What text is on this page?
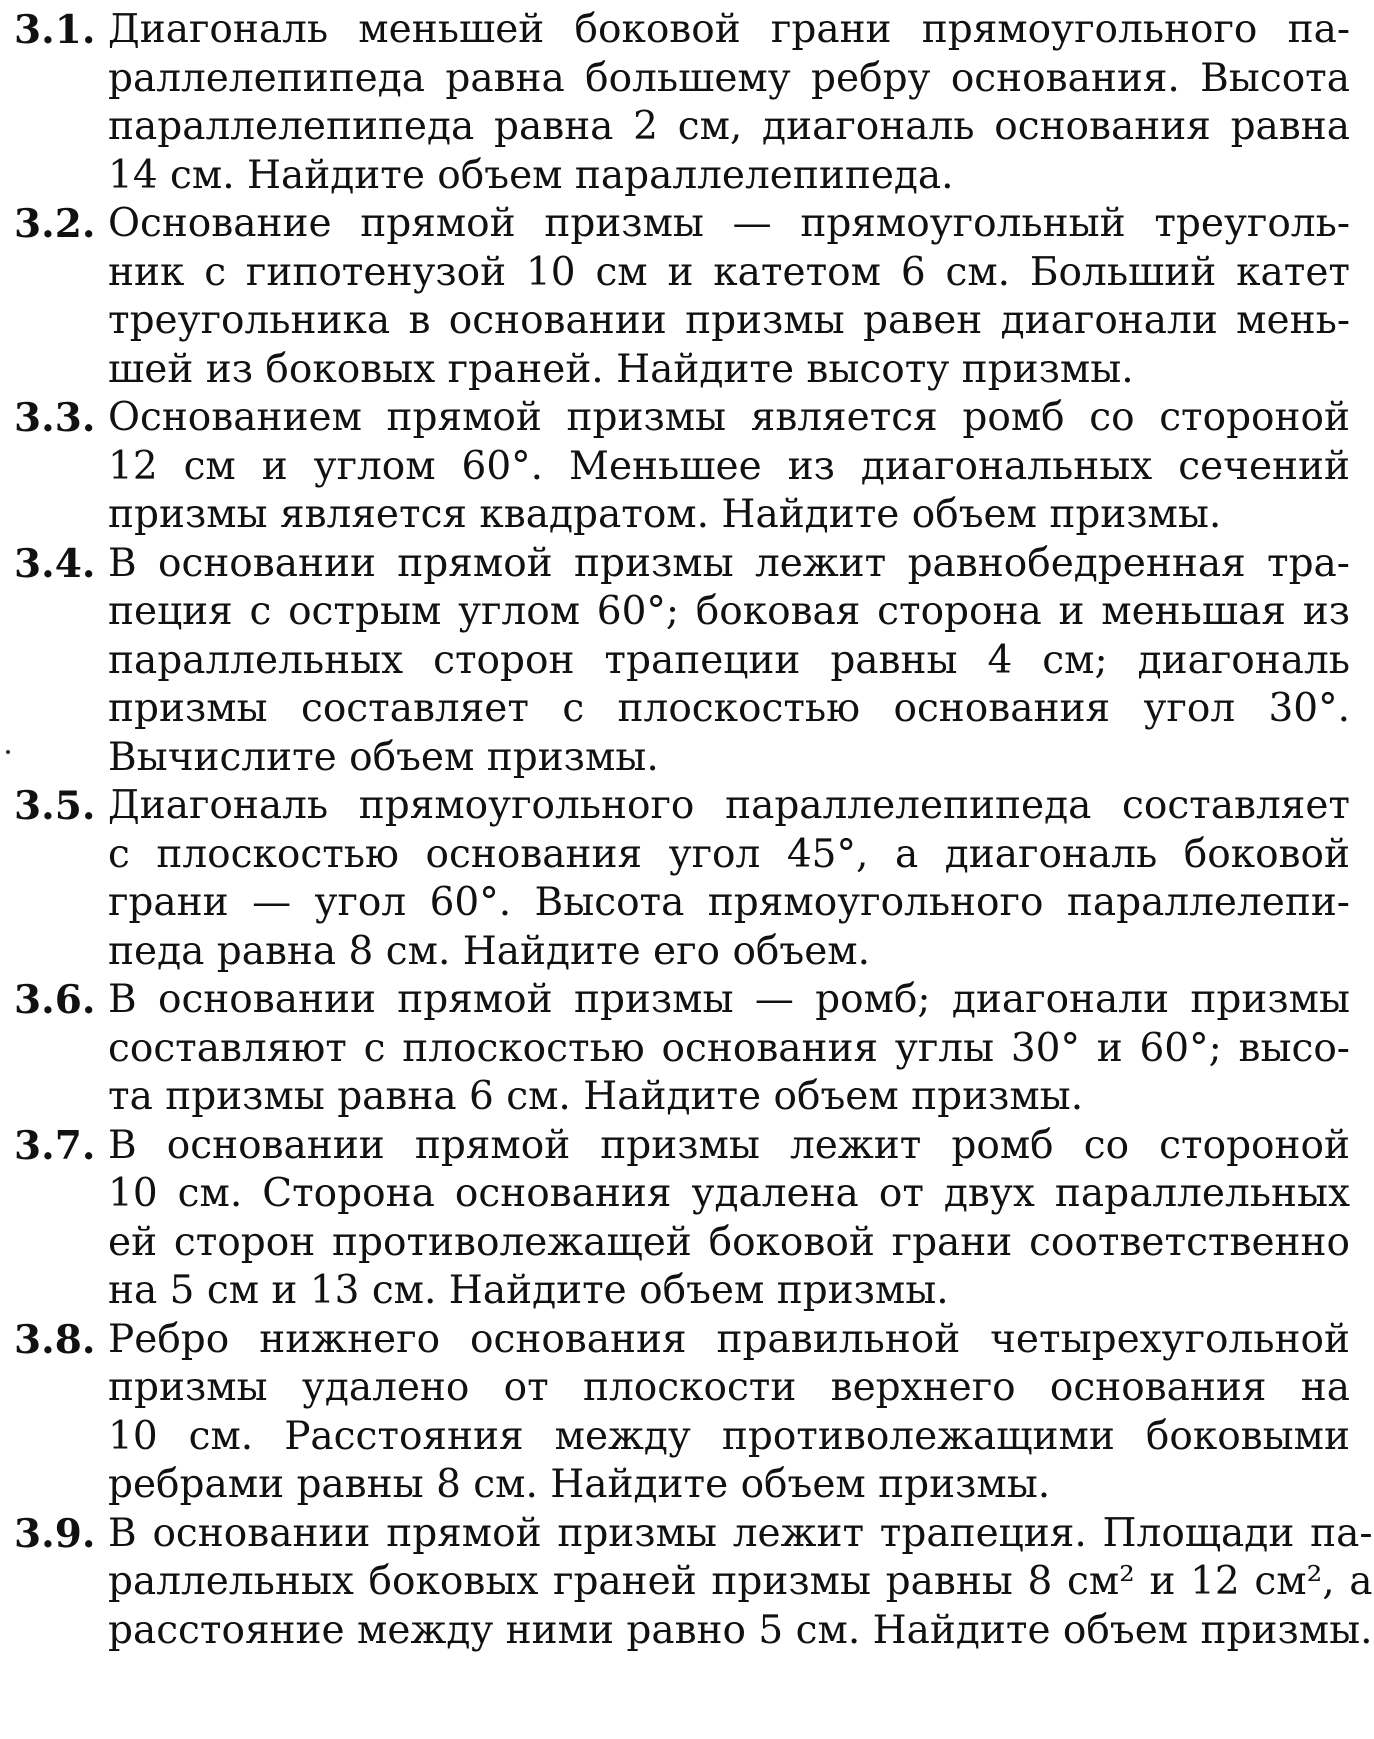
3.1. Диагональ меньшей боковой грани прямоугольного па-
раллелепипеда равна большему ребру основания. Высота
параллелепипеда равна 2 см, диагональ основания равна
14 см. Найдите объем параллелепипеда.
3.2. Основание прямой призмы — прямоугольный треуголь-
ник с гипотенузой 10 см и катетом 6 см. Больший катет
треугольника в основании призмы равен диагонали мень-
шей из боковых граней. Найдите высоту призмы.
3.3. Основанием прямой призмы является ромб со стороной
12 см и углом 60°. Меньшее из диагональных сечений
призмы является квадратом. Найдите объем призмы.
3.4. В основании прямой призмы лежит равнобедренная тра-
пеция с острым углом 60°; боковая сторона и меньшая из
параллельных сторон трапеции равны 4 см; диагональ
призмы составляет с плоскостью основания угол 30°.
Вычислите объем призмы.
3.5. Диагональ прямоугольного параллелепипеда составляет
с плоскостью основания угол 45°, а диагональ боковой
грани — угол 60°. Высота прямоугольного параллелепи-
педа равна 8 см. Найдите его объем.
3.6. В основании прямой призмы — ромб; диагонали призмы
составляют с плоскостью основания углы 30° и 60°; высо-
та призмы равна 6 см. Найдите объем призмы.
3.7. В основании прямой призмы лежит ромб со стороной
10 см. Сторона основания удалена от двух параллельных
ей сторон противолежащей боковой грани соответственно
на 5 см и 13 см. Найдите объем призмы.
3.8. Ребро нижнего основания правильной четырехугольной
призмы удалено от плоскости верхнего основания на
10 см. Расстояния между противолежащими боковыми
ребрами равны 8 см. Найдите объем призмы.
3.9. В основании прямой призмы лежит трапеция. Площади па-
раллельных боковых граней призмы равны 8 см² и 12 см², а
расстояние между ними равно 5 см. Найдите объем призмы.
